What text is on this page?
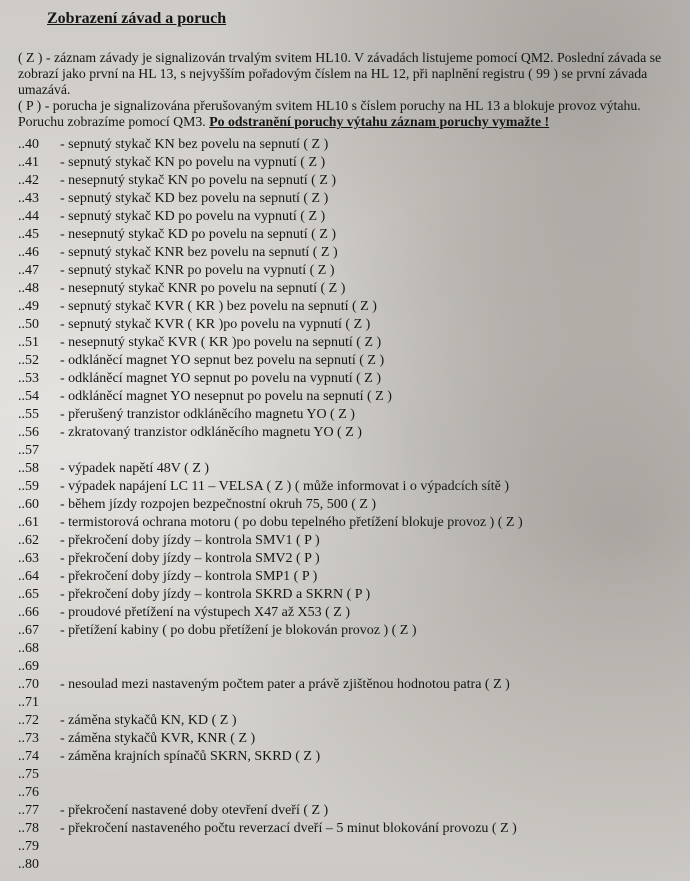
Zobrazení závad a poruch

( Z ) - záznam závady je signalizován trvalým svitem HL10. V závadách listujeme pomocí QM2. Poslední závada se zobrazí jako první na HL 13, s nejvyšším pořadovým číslem na HL 12, při naplnění registru ( 99 ) se první závada umazává.

( P ) - porucha je signalizována přerušovaným svitem HL10 s číslem poruchy na HL 13 a blokuje provoz výtahu. Poruchu zobrazíme pomocí QM3. Po odstranění poruchy výtahu záznam poruchy vymažte !

..40	- sepnutý stykač KN bez povelu na sepnutí ( Z )
..41	- sepnutý stykač KN po povelu na vypnutí ( Z )
..42	- nesepnutý stykač KN po povelu na sepnutí ( Z )
..43	- sepnutý stykač KD bez povelu na sepnutí ( Z )
..44	- sepnutý stykač KD po povelu na vypnutí ( Z )
..45	- nesepnutý stykač KD po povelu na sepnutí ( Z )
..46	- sepnutý stykač KNR bez povelu na sepnutí ( Z )
..47	- sepnutý stykač KNR po povelu na vypnutí ( Z )
..48	- nesepnutý stykač KNR po povelu na sepnutí ( Z )
..49	- sepnutý stykač KVR ( KR ) bez povelu na sepnutí ( Z )
..50	- sepnutý stykač KVR ( KR )po povelu na vypnutí ( Z )
..51	- nesepnutý stykač KVR ( KR )po povelu na sepnutí ( Z )
..52	- odkláněcí magnet YO sepnut bez povelu na sepnutí ( Z )
..53	- odkláněcí magnet YO sepnut po povelu na vypnutí ( Z )
..54	- odkláněcí magnet YO nesepnut po povelu na sepnutí ( Z )
..55	- přerušený tranzistor odkláněcího magnetu YO ( Z )
..56	- zkratovaný tranzistor odkláněcího magnetu YO ( Z )
..57
..58	- výpadek napětí 48V ( Z )
..59	- výpadek napájení LC 11 – VELSA ( Z ) ( může informovat i o výpadcích sítě )
..60	- během jízdy rozpojen bezpečnostní okruh 75, 500 ( Z )
..61	- termistorová ochrana motoru ( po dobu tepelného přetížení blokuje provoz ) ( Z )
..62	- překročení doby jízdy – kontrola SMV1 ( P )
..63	- překročení doby jízdy – kontrola SMV2 ( P )
..64	- překročení doby jízdy – kontrola SMP1 ( P )
..65	- překročení doby jízdy – kontrola SKRD a SKRN ( P )
..66	- proudové přetížení na výstupech X47 až X53 ( Z )
..67	- přetížení kabiny ( po dobu přetížení je blokován provoz ) ( Z )
..68
..69
..70	- nesoulad mezi nastaveným počtem pater a právě zjištěnou hodnotou patra ( Z )
..71
..72	- záměna stykačů KN, KD ( Z )
..73	- záměna stykačů KVR, KNR ( Z )
..74	- záměna krajních spínačů SKRN, SKRD ( Z )
..75
..76
..77	- překročení nastavené doby otevření dveří ( Z )
..78	- překročení nastaveného počtu reverzací dveří – 5 minut blokování provozu ( Z )
..79
..80
